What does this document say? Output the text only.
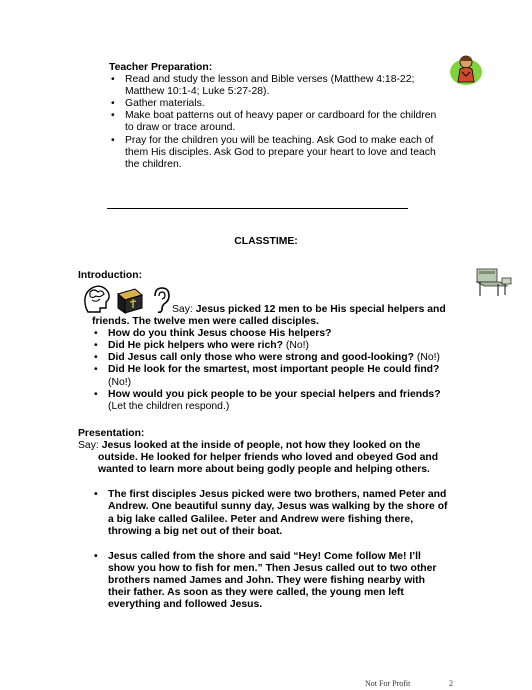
Teacher Preparation:
• Read and study the lesson and Bible verses (Matthew 4:18-22; Matthew 10:1-4; Luke 5:27-28).
• Gather materials.
• Make boat patterns out of heavy paper or cardboard for the children to draw or trace around.
• Pray for the children you will be teaching. Ask God to make each of them His disciples. Ask God to prepare your heart to love and teach the children.
CLASSTIME:
Introduction:

Say: Jesus picked 12 men to be His special helpers and friends. The twelve men were called disciples.

• How do you think Jesus choose His helpers?
• Did He pick helpers who were rich? (No!)
• Did Jesus call only those who were strong and good-looking? (No!)
• Did He look for the smartest, most important people He could find? (No!)
• How would you pick people to be your special helpers and friends? (Let the children respond.)
Presentation:

Say: Jesus looked at the inside of people, not how they looked on the outside. He looked for helper friends who loved and obeyed God and wanted to learn more about being godly people and helping others.

• The first disciples Jesus picked were two brothers, named Peter and Andrew. One beautiful sunny day, Jesus was walking by the shore of a big lake called Galilee. Peter and Andrew were fishing there, throwing a big net out of their boat.
• Jesus called from the shore and said “Hey! Come follow Me! I’ll show you how to fish for men.” Then Jesus called out to two other brothers named James and John. They were fishing nearby with their father. As soon as they were called, the young men left everything and followed Jesus.
Not For Profit	2
